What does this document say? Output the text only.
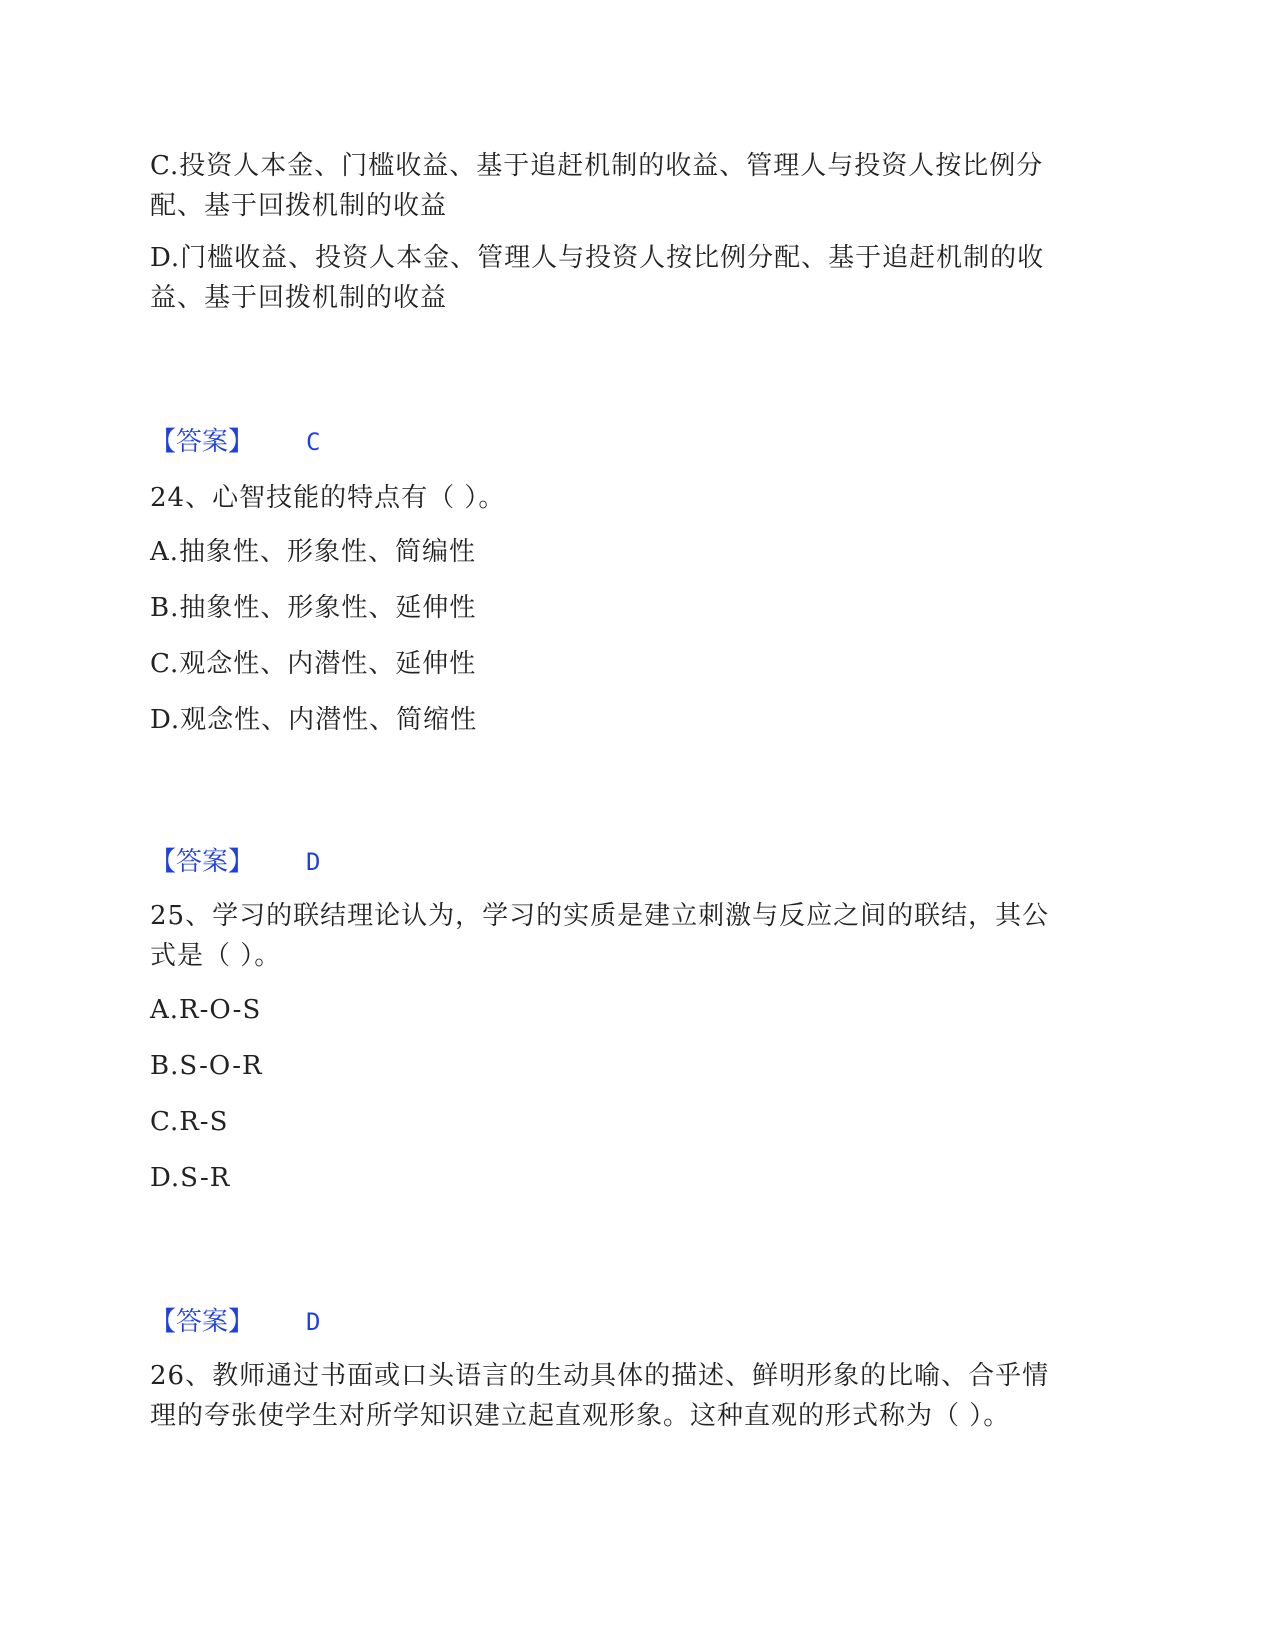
C.投资人本金、门槛收益、基于追赶机制的收益、管理人与投资人按比例分
配、基于回拨机制的收益
D.门槛收益、投资人本金、管理人与投资人按比例分配、基于追赶机制的收
益、基于回拨机制的收益
【答案】 C
24、心智技能的特点有（ ）。
A.抽象性、形象性、简编性
B.抽象性、形象性、延伸性
C.观念性、内潜性、延伸性
D.观念性、内潜性、简缩性
【答案】 D
25、学习的联结理论认为，学习的实质是建立刺激与反应之间的联结，其公
式是（ ）。
A.R-O-S
B.S-O-R
C.R-S
D.S-R
【答案】 D
26、教师通过书面或口头语言的生动具体的描述、鲜明形象的比喻、合乎情
理的夸张使学生对所学知识建立起直观形象。这种直观的形式称为（ ）。
